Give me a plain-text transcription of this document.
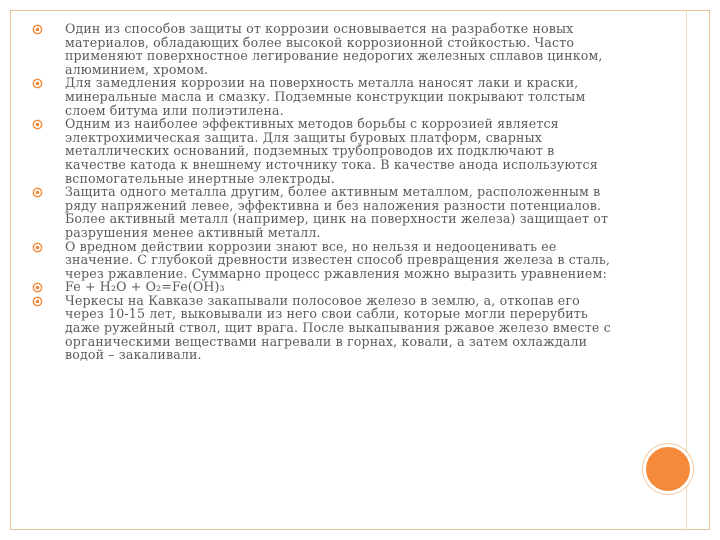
Один из способов защиты от коррозии основывается на разработке новых материалов, обладающих более высокой коррозионной стойкостью. Часто применяют поверхностное легирование недорогих железных сплавов цинком, алюминием, хромом.
Для замедления коррозии на поверхность металла наносят лаки и краски, минеральные масла и смазку. Подземные конструкции покрывают толстым слоем битума или полиэтилена.
Одним из наиболее эффективных методов борьбы с коррозией является электрохимическая защита. Для защиты буровых платформ, сварных металлических оснований, подземных трубопроводов их подключают в качестве катода к внешнему источнику тока. В качестве анода используются вспомогательные инертные электроды.
Защита одного металла другим, более активным металлом, расположенным в ряду напряжений левее, эффективна и без наложения разности потенциалов. Более активный металл (например, цинк на поверхности железа) защищает от разрушения менее активный металл.
О вредном действии коррозии знают все, но нельзя и недооценивать ее значение. С глубокой древности известен способ превращения железа в сталь, через ржавление. Суммарно процесс ржавления можно выразить уравнением:
Fe + H₂O + O₂=Fe(OH)₃
Черкесы на Кавказе закапывали полосовое железо в землю, а, откопав его через 10-15 лет, выковывали из него свои сабли, которые могли перерубить даже ружейный ствол, щит врага. После выкапывания ржавое железо вместе с органическими веществами нагревали в горнах, ковали, а затем охлаждали водой – закаливали.
